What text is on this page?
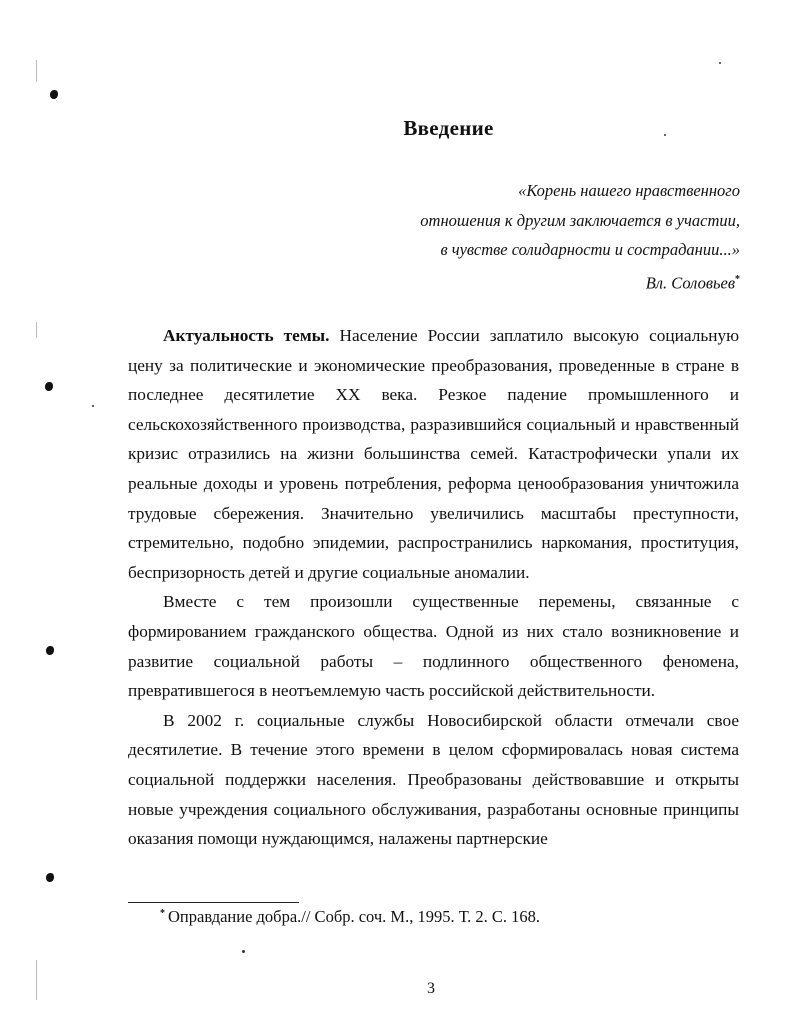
Введение
«Корень нашего нравственного
отношения к другим заключается в участии,
в чувстве солидарности и сострадании...»
Вл. Соловьев*

Актуальность темы. Население России заплатило высокую социальную цену за политические и экономические преобразования, проведенные в стране в последнее десятилетие XX века. Резкое падение промышленного и сельскохозяйственного производства, разразившийся социальный и нравственный кризис отразились на жизни большинства семей. Катастрофически упали их реальные доходы и уровень потребления, реформа ценообразования уничтожила трудовые сбережения. Значительно увеличились масштабы преступности, стремительно, подобно эпидемии, распространились наркомания, проституция, беспризорность детей и другие социальные аномалии.

Вместе с тем произошли существенные перемены, связанные с формированием гражданского общества. Одной из них стало возникновение и развитие социальной работы – подлинного общественного феномена, превратившегося в неотъемлемую часть российской действительности.

В 2002 г. социальные службы Новосибирской области отмечали свое десятилетие. В течение этого времени в целом сформировалась новая система социальной поддержки населения. Преобразованы действовавшие и открыты новые учреждения социального обслуживания, разработаны основные принципы оказания помощи нуждающимся, налажены партнерские

* Оправдание добра.// Собр. соч. М., 1995. Т. 2. С. 168.
3
